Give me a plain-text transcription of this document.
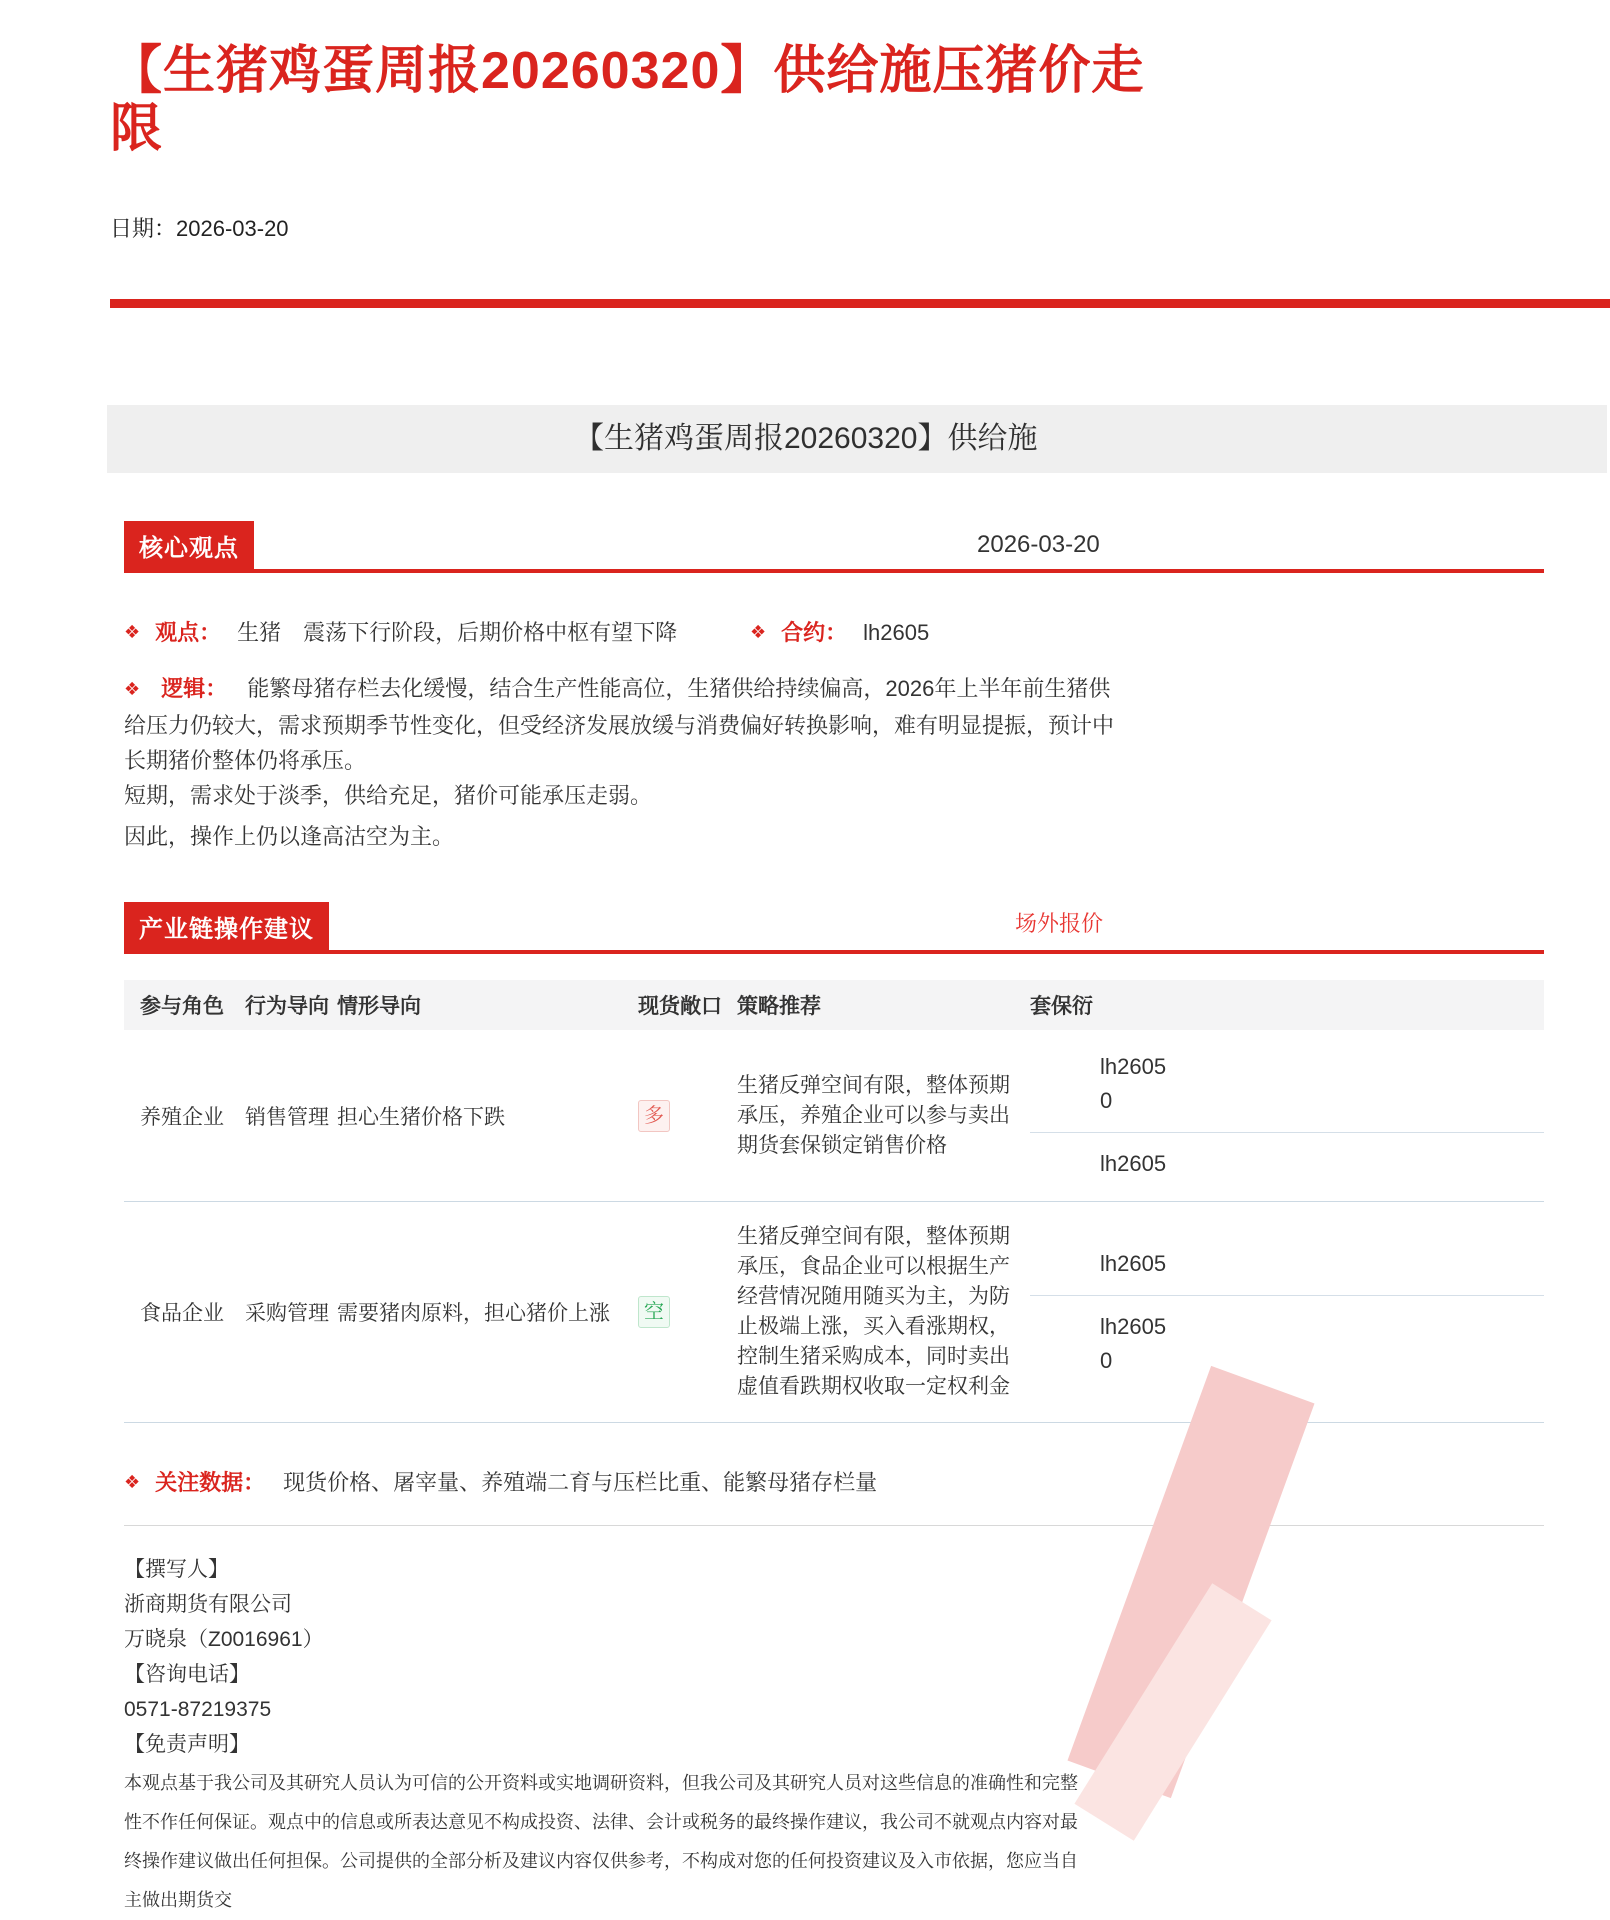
【生猪鸡蛋周报20260320】供给施压猪价走
限
日期：2026-03-20
【生猪鸡蛋周报20260320】供给施
核心观点	2026-03-20
❖ 观点： 生猪　震荡下行阶段，后期价格中枢有望下降	❖ 合约： lh2605
❖ 逻辑： 能繁母猪存栏去化缓慢，结合生产性能高位，生猪供给持续偏高，2026年上半年前生猪供给压力仍较大，需求预期季节性变化，但受经济发展放缓与消费偏好转换影响，难有明显提振，预计中长期猪价整体仍将承压。
短期，需求处于淡季，供给充足，猪价可能承压走弱。
因此，操作上仍以逢高沽空为主。
产业链操作建议	场外报价
参与角色	行为导向	情形导向	现货敞口	策略推荐	套保衍
养殖企业	销售管理	担心生猪价格下跌	多	生猪反弹空间有限，整体预期承压，养殖企业可以参与卖出期货套保锁定销售价格	lh2605
0
lh2605

食品企业	采购管理	需要猪肉原料，担心猪价上涨	空	生猪反弹空间有限，整体预期承压，食品企业可以根据生产经营情况随用随买为主，为防止极端上涨，买入看涨期权，控制生猪采购成本，同时卖出虚值看跌期权收取一定权利金	lh2605
lh2605
0
❖ 关注数据： 现货价格、屠宰量、养殖端二育与压栏比重、能繁母猪存栏量
【撰写人】
浙商期货有限公司
万晓泉（Z0016961）
【咨询电话】
0571-87219375
【免责声明】
本观点基于我公司及其研究人员认为可信的公开资料或实地调研资料，但我公司及其研究人员对这些信息的准确性和完整性不作任何保证。观点中的信息或所表达意见不构成投资、法律、会计或税务的最终操作建议，我公司不就观点内容对最终操作建议做出任何担保。公司提供的全部分析及建议内容仅供参考，不构成对您的任何投资建议及入市依据，您应当自主做出期货交
